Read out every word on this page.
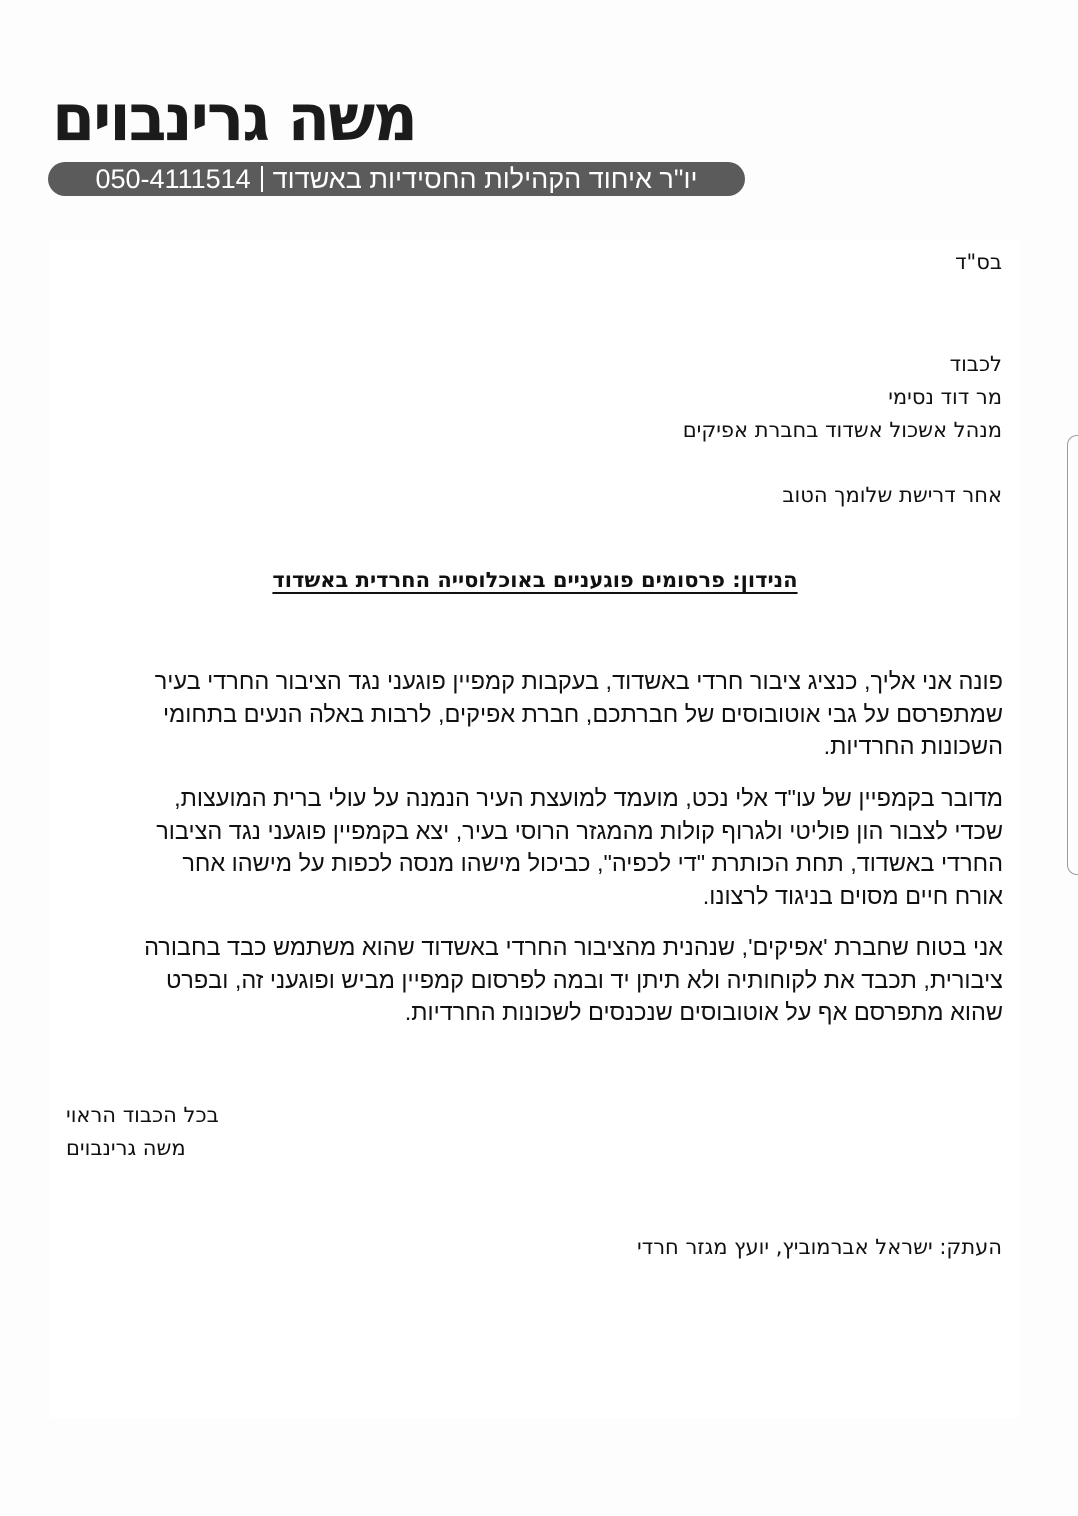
משה גרינבוים
050-4111514 יו"ר איחוד הקהילות החסידיות באשדוד
בס"ד
לכבוד
מר דוד נסימי
מנהל אשכול אשדוד בחברת אפיקים
אחר דרישת שלומך הטוב
הנידון: פרסומים פוגעניים באוכלוסייה החרדית באשדוד
פונה אני אליך, כנציג ציבור חרדי באשדוד, בעקבות קמפיין פוגעני נגד הציבור החרדי בעיר
שמתפרסם על גבי אוטובוסים של חברתכם, חברת אפיקים, לרבות באלה הנעים בתחומי
השכונות החרדיות.
מדובר בקמפיין של עו"ד אלי נכט, מועמד למועצת העיר הנמנה על עולי ברית המועצות,
שכדי לצבור הון פוליטי ולגרוף קולות מהמגזר הרוסי בעיר, יצא בקמפיין פוגעני נגד הציבור
החרדי באשדוד, תחת הכותרת "די לכפיה", כביכול מישהו מנסה לכפות על מישהו אחר
אורח חיים מסוים בניגוד לרצונו.
אני בטוח שחברת 'אפיקים', שנהנית מהציבור החרדי באשדוד שהוא משתמש כבד בחבורה
ציבורית, תכבד את לקוחותיה ולא תיתן יד ובמה לפרסום קמפיין מביש ופוגעני זה, ובפרט
שהוא מתפרסם אף על אוטובוסים שנכנסים לשכונות החרדיות.
בכל הכבוד הראוי
משה גרינבוים
העתק: ישראל אברמוביץ, יועץ מגזר חרדי
